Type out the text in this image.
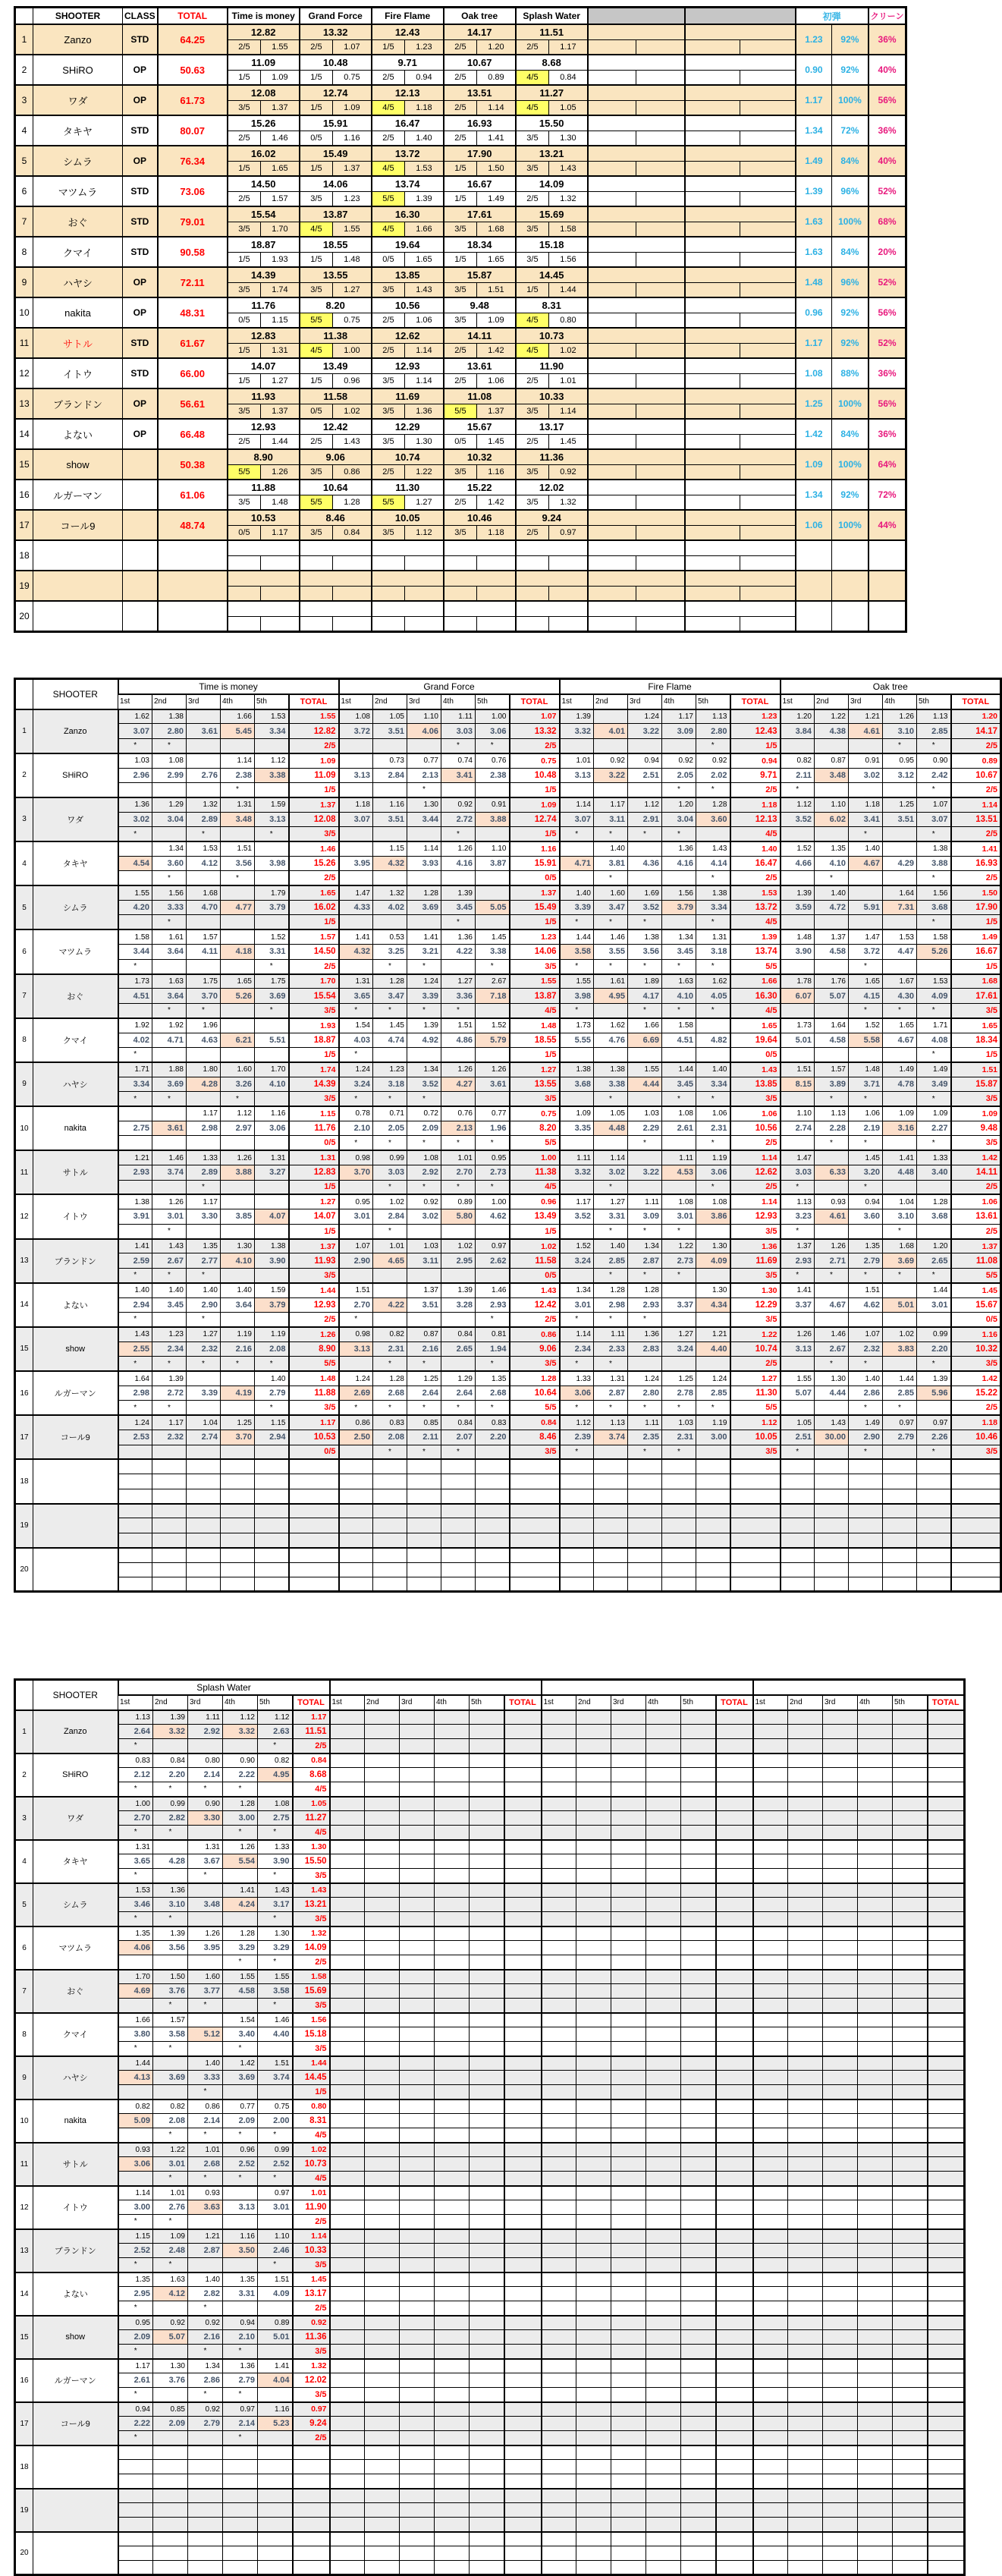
	SHOOTER	CLASS	TOTAL	Time is money		Grand Force		Fire Flame		Oak tree		Splash Water						初弾		クリーン
1	Zanzo	STD	64.25	12.82		13.32		12.43		14.17		11.51						1.23	92%	36%
				2/5	1.55	2/5	1.07	1/5	1.23	2/5	1.20	2/5	1.17							
2	SHiRO	OP	50.63	11.09		10.48		9.71		10.67		8.68						0.90	92%	40%
				1/5	1.09	1/5	0.75	2/5	0.94	2/5	0.89	4/5	0.84							
3	ワダ	OP	61.73	12.08		12.74		12.13		13.51		11.27						1.17	100%	56%
				3/5	1.37	1/5	1.09	4/5	1.18	2/5	1.14	4/5	1.05							
4	タキヤ	STD	80.07	15.26		15.91		16.47		16.93		15.50						1.34	72%	36%
				2/5	1.46	0/5	1.16	2/5	1.40	2/5	1.41	3/5	1.30							
5	シムラ	OP	76.34	16.02		15.49		13.72		17.90		13.21						1.49	84%	40%
				1/5	1.65	1/5	1.37	4/5	1.53	1/5	1.50	3/5	1.43							
6	マツムラ	STD	73.06	14.50		14.06		13.74		16.67		14.09						1.39	96%	52%
				2/5	1.57	3/5	1.23	5/5	1.39	1/5	1.49	2/5	1.32							
7	おぐ	STD	79.01	15.54		13.87		16.30		17.61		15.69						1.63	100%	68%
				3/5	1.70	4/5	1.55	4/5	1.66	3/5	1.68	3/5	1.58							
8	クマイ	STD	90.58	18.87		18.55		19.64		18.34		15.18						1.63	84%	20%
				1/5	1.93	1/5	1.48	0/5	1.65	1/5	1.65	3/5	1.56							
9	ハヤシ	OP	72.11	14.39		13.55		13.85		15.87		14.45						1.48	96%	52%
				3/5	1.74	3/5	1.27	3/5	1.43	3/5	1.51	1/5	1.44							
10	nakita	OP	48.31	11.76		8.20		10.56		9.48		8.31						0.96	92%	56%
				0/5	1.15	5/5	0.75	2/5	1.06	3/5	1.09	4/5	0.80							
11	サトル	STD	61.67	12.83		11.38		12.62		14.11		10.73						1.17	92%	52%
				1/5	1.31	4/5	1.00	2/5	1.14	2/5	1.42	4/5	1.02							
12	イトウ	STD	66.00	14.07		13.49		12.93		13.61		11.90						1.08	88%	36%
				1/5	1.27	1/5	0.96	3/5	1.14	2/5	1.06	2/5	1.01							
13	ブランドン	OP	56.61	11.93		11.58		11.69		11.08		10.33						1.25	100%	56%
				3/5	1.37	0/5	1.02	3/5	1.36	5/5	1.37	3/5	1.14							
14	よない	OP	66.48	12.93		12.42		12.29		15.67		13.17						1.42	84%	36%
				2/5	1.44	2/5	1.43	3/5	1.30	0/5	1.45	2/5	1.45							
15	show		50.38	8.90		9.06		10.74		10.32		11.36						1.09	100%	64%
				5/5	1.26	3/5	0.86	2/5	1.22	3/5	1.16	3/5	0.92							
16	ルガーマン		61.06	11.88		10.64		11.30		15.22		12.02						1.34	92%	72%
				3/5	1.48	5/5	1.28	5/5	1.27	2/5	1.42	3/5	1.32							
17	コール9		48.74	10.53		8.46		10.05		10.46		9.24						1.06	100%	44%
				0/5	1.17	3/5	0.84	3/5	1.12	3/5	1.18	2/5	0.97							
18																				

19																				

20																				

	SHOOTER	Time is money						Grand Force						Fire Flame						Oak tree					
		1st	2nd	3rd	4th	5th	TOTAL	1st	2nd	3rd	4th	5th	TOTAL	1st	2nd	3rd	4th	5th	TOTAL	1st	2nd	3rd	4th	5th	TOTAL
1	Zanzo	1.62	1.38		1.66	1.53	1.55	1.08	1.05	1.10	1.11	1.00	1.07	1.39		1.24	1.17	1.13	1.23	1.20	1.22	1.21	1.26	1.13	1.20
		3.07	2.80	3.61	5.45	3.34	12.82	3.72	3.51	4.06	3.03	3.06	13.32	3.32	4.01	3.22	3.09	2.80	12.43	3.84	4.38	4.61	3.10	2.85	14.17
		*	*				2/5				*	*	2/5					*	1/5				*	*	2/5
2	SHiRO	1.03	1.08		1.14	1.12	1.09		0.73	0.77	0.74	0.76	0.75	1.01	0.92	0.94	0.92	0.92	0.94	0.82	0.87	0.91	0.95	0.90	0.89
		2.96	2.99	2.76	2.38	3.38	11.09	3.13	2.84	2.13	3.41	2.38	10.48	3.13	3.22	2.51	2.05	2.02	9.71	2.11	3.48	3.02	3.12	2.42	10.67
					*		1/5			*			1/5				*	*	2/5	*				*	2/5
3	ワダ	1.36	1.29	1.32	1.31	1.59	1.37	1.18	1.16	1.30	0.92	0.91	1.09	1.14	1.17	1.12	1.20	1.28	1.18	1.12	1.10	1.18	1.25	1.07	1.14
		3.02	3.04	2.89	3.48	3.13	12.08	3.07	3.51	3.44	2.72	3.88	12.74	3.07	3.11	2.91	3.04	3.60	12.13	3.52	6.02	3.41	3.51	3.07	13.51
		*		*		*	3/5				*		1/5	*	*	*	*		4/5			*		*	2/5
4	タキヤ		1.34	1.53	1.51		1.46		1.15	1.14	1.26	1.10	1.16		1.40		1.36	1.43	1.40	1.52	1.35	1.40		1.38	1.41
		4.54	3.60	4.12	3.56	3.98	15.26	3.95	4.32	3.93	4.16	3.87	15.91	4.71	3.81	4.36	4.16	4.14	16.47	4.66	4.10	4.67	4.29	3.88	16.93
			*		*		2/5						0/5		*			*	2/5		*			*	2/5
5	シムラ	1.55	1.56	1.68		1.79	1.65	1.47	1.32	1.28	1.39		1.37	1.40	1.60	1.69	1.56	1.38	1.53	1.39	1.40		1.64	1.56	1.50
		4.20	3.33	4.70	4.77	3.79	16.02	4.33	4.02	3.69	3.45	5.05	15.49	3.39	3.47	3.52	3.79	3.34	13.72	3.59	4.72	5.91	7.31	3.68	17.90
			*				1/5				*		1/5	*	*	*		*	4/5					*	1/5
6	マツムラ	1.58	1.61	1.57		1.52	1.57	1.41	0.53	1.41	1.36	1.45	1.23	1.44	1.46	1.38	1.34	1.31	1.39	1.48	1.37	1.47	1.53	1.58	1.49
		3.44	3.64	4.11	4.18	3.31	14.50	4.32	3.25	3.21	4.22	3.38	14.06	3.58	3.55	3.56	3.45	3.18	13.74	3.90	4.58	3.72	4.47	5.26	16.67
		*				*	2/5		*	*		*	3/5	*	*	*	*	*	5/5			*			1/5
7	おぐ	1.73	1.63	1.75	1.65	1.75	1.70	1.31	1.28	1.24	1.27	2.67	1.55	1.55	1.61	1.89	1.63	1.62	1.66	1.78	1.76	1.65	1.67	1.53	1.68
		4.51	3.64	3.70	5.26	3.69	15.54	3.65	3.47	3.39	3.36	7.18	13.87	3.98	4.95	4.17	4.10	4.05	16.30	6.07	5.07	4.15	4.30	4.09	17.61
			*	*		*	3/5	*	*	*	*		4/5	*		*	*	*	4/5			*	*	*	3/5
8	クマイ	1.92	1.92	1.96			1.93	1.54	1.45	1.39	1.51	1.52	1.48	1.73	1.62	1.66	1.58		1.65	1.73	1.64	1.52	1.65	1.71	1.65
		4.02	4.71	4.63	6.21	5.51	18.87	4.03	4.74	4.92	4.86	5.79	18.55	5.55	4.76	6.69	4.51	4.82	19.64	5.01	4.58	5.58	4.67	4.08	18.34
		*					1/5	*					1/5						0/5					*	1/5
9	ハヤシ	1.71	1.88	1.80	1.60	1.70	1.74	1.24	1.23	1.34	1.26	1.26	1.27	1.38	1.38	1.55	1.44	1.40	1.43	1.51	1.57	1.48	1.49	1.49	1.51
		3.34	3.69	4.28	3.26	4.10	14.39	3.24	3.18	3.52	4.27	3.61	13.55	3.68	3.38	4.44	3.45	3.34	13.85	8.15	3.89	3.71	4.78	3.49	15.87
		*	*		*		3/5	*	*	*			3/5		*		*	*	3/5		*	*		*	3/5
10	nakita			1.17	1.12	1.16	1.15	0.78	0.71	0.72	0.76	0.77	0.75	1.09	1.05	1.03	1.08	1.06	1.06	1.10	1.13	1.06	1.09	1.09	1.09
		2.75	3.61	2.98	2.97	3.06	11.76	2.10	2.05	2.09	2.13	1.96	8.20	3.35	4.48	2.29	2.61	2.31	10.56	2.74	2.28	2.19	3.16	2.27	9.48
							0/5	*	*	*	*	*	5/5			*		*	2/5		*	*		*	3/5
11	サトル	1.21	1.46	1.33	1.26	1.31	1.31	0.98	0.99	1.08	1.01	0.95	1.00	1.11	1.14		1.11	1.19	1.14	1.47		1.45	1.41	1.33	1.42
		2.93	3.74	2.89	3.88	3.27	12.83	3.70	3.03	2.92	2.70	2.73	11.38	3.32	3.02	3.22	4.53	3.06	12.62	3.03	6.33	3.20	4.48	3.40	14.11
				*			1/5		*	*	*	*	4/5		*			*	2/5	*		*			2/5
12	イトウ	1.38	1.26	1.17			1.27	0.95	1.02	0.92	0.89	1.00	0.96	1.17	1.27	1.11	1.08	1.08	1.14	1.13	0.93	0.94	1.04	1.28	1.06
		3.91	3.01	3.30	3.85	4.07	14.07	3.01	2.84	3.02	5.80	4.62	13.49	3.52	3.31	3.09	3.01	3.86	12.93	3.23	4.61	3.60	3.10	3.68	13.61
			*				1/5		*				1/5		*	*	*		3/5	*			*		2/5
13	ブランドン	1.41	1.43	1.35	1.30	1.38	1.37	1.07	1.01	1.03	1.02	0.97	1.02	1.52	1.40	1.34	1.22	1.30	1.36	1.37	1.26	1.35	1.68	1.20	1.37
		2.59	2.67	2.77	4.10	3.90	11.93	2.90	4.65	3.11	2.95	2.62	11.58	3.24	2.85	2.87	2.73	4.09	11.69	2.93	2.71	2.79	3.69	2.65	11.08
		*	*	*			3/5						0/5		*	*	*		3/5	*	*	*	*	*	5/5
14	よない	1.40	1.40	1.40	1.40	1.59	1.44	1.51		1.37	1.39	1.46	1.43	1.34	1.28	1.28		1.30	1.30	1.41		1.51		1.44	1.45
		2.94	3.45	2.90	3.64	3.79	12.93	2.70	4.22	3.51	3.28	2.93	12.42	3.01	2.98	2.93	3.37	4.34	12.29	3.37	4.67	4.62	5.01	3.01	15.67
		*		*			2/5	*				*	2/5	*	*	*			3/5						0/5
15	show	1.43	1.23	1.27	1.19	1.19	1.26	0.98	0.82	0.87	0.84	0.81	0.86	1.14	1.11	1.36	1.27	1.21	1.22	1.26	1.46	1.07	1.02	0.99	1.16
		2.55	2.34	2.32	2.16	2.08	8.90	3.13	2.31	2.16	2.65	1.94	9.06	2.34	2.33	2.83	3.24	4.40	10.74	3.13	2.67	2.32	3.83	2.20	10.32
		*	*	*	*	*	5/5		*	*		*	3/5	*	*				2/5		*	*		*	3/5
16	ルガーマン	1.64	1.39			1.40	1.48	1.24	1.28	1.25	1.29	1.35	1.28	1.33	1.31	1.24	1.25	1.24	1.27	1.55	1.30	1.40	1.44	1.39	1.42
		2.98	2.72	3.39	4.19	2.79	11.88	2.69	2.68	2.64	2.64	2.68	10.64	3.06	2.87	2.80	2.78	2.85	11.30	5.07	4.44	2.86	2.85	5.96	15.22
		*	*			*	3/5	*	*	*	*	*	5/5	*	*	*	*	*	5/5			*	*		2/5
17	コール9	1.24	1.17	1.04	1.25	1.15	1.17	0.86	0.83	0.85	0.84	0.83	0.84	1.12	1.13	1.11	1.03	1.19	1.12	1.05	1.43	1.49	0.97	0.97	1.18
		2.53	2.32	2.74	3.70	2.94	10.53	2.50	2.08	2.11	2.07	2.20	8.46	2.39	3.74	2.35	2.31	3.00	10.05	2.51	30.00	2.90	2.79	2.26	10.46
							0/5		*	*	*		3/5	*		*	*		3/5	*		*		*	3/5
18																									

19																									

20																									

	SHOOTER	Splash Water																							
		1st	2nd	3rd	4th	5th	TOTAL	1st	2nd	3rd	4th	5th	TOTAL	1st	2nd	3rd	4th	5th	TOTAL	1st	2nd	3rd	4th	5th	TOTAL
1	Zanzo	1.13	1.39	1.11	1.12	1.12	1.17																		
		2.64	3.32	2.92	3.32	2.63	11.51																		
		*				*	2/5																		
2	SHiRO	0.83	0.84	0.80	0.90	0.82	0.84																		
		2.12	2.20	2.14	2.22	4.95	8.68																		
		*	*	*	*		4/5																		
3	ワダ	1.00	0.99	0.90	1.28	1.08	1.05																		
		2.70	2.82	3.30	3.00	2.75	11.27																		
		*	*		*	*	4/5																		
4	タキヤ	1.31		1.31	1.26	1.33	1.30																		
		3.65	4.28	3.67	5.54	3.90	15.50																		
		*		*		*	3/5																		
5	シムラ	1.53	1.36		1.41	1.43	1.43																		
		3.46	3.10	3.48	4.24	3.17	13.21																		
		*	*			*	3/5																		
6	マツムラ	1.35	1.39	1.26	1.28	1.30	1.32																		
		4.06	3.56	3.95	3.29	3.29	14.09																		
					*	*	2/5																		
7	おぐ	1.70	1.50	1.60	1.55	1.55	1.58																		
		4.69	3.76	3.77	4.58	3.58	15.69																		
			*	*		*	3/5																		
8	クマイ	1.66	1.57		1.54	1.46	1.56																		
		3.80	3.58	5.12	3.40	4.40	15.18																		
		*	*		*		3/5																		
9	ハヤシ	1.44		1.40	1.42	1.51	1.44																		
		4.13	3.69	3.33	3.69	3.74	14.45																		
				*			1/5																		
10	nakita	0.82	0.82	0.86	0.77	0.75	0.80																		
		5.09	2.08	2.14	2.09	2.00	8.31																		
			*	*	*	*	4/5																		
11	サトル	0.93	1.22	1.01	0.96	0.99	1.02																		
		3.06	3.01	2.68	2.52	2.52	10.73																		
			*	*	*	*	4/5																		
12	イトウ	1.14	1.01	0.93		0.97	1.01																		
		3.00	2.76	3.63	3.13	3.01	11.90																		
		*	*				2/5																		
13	ブランドン	1.15	1.09	1.21	1.16	1.10	1.14																		
		2.52	2.48	2.87	3.50	2.46	10.33																		
		*	*			*	3/5																		
14	よない	1.35	1.63	1.40	1.35	1.51	1.45																		
		2.95	4.12	2.82	3.31	4.09	13.17																		
		*		*			2/5																		
15	show	0.95	0.92	0.92	0.94	0.89	0.92																		
		2.09	5.07	2.16	2.10	5.01	11.36																		
		*		*	*		3/5																		
16	ルガーマン	1.17	1.30	1.34	1.36	1.41	1.32																		
		2.61	3.76	2.86	2.79	4.04	12.02																		
		*		*	*		3/5																		
17	コール9	0.94	0.85	0.92	0.97	1.16	0.97																		
		2.22	2.09	2.79	2.14	5.23	9.24																		
		*			*		2/5																		
18																									

19																									

20																									
